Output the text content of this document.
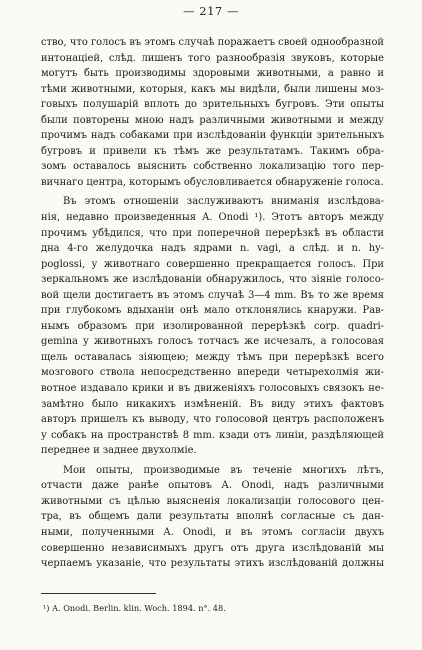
— 217 —
ство, что голосъ въ этомъ случаѣ поражаетъ своей однообразной
интонацiей, слѣд. лишенъ того разнообразiя звуковъ, которые
могутъ быть производимы здоровыми животными, а равно и
тѣми животными, которыя, какъ мы видѣли, были лишены моз-
говыхъ полушарiй вплоть до зрительныхъ бугровъ. Эти опыты
были повторены мною надъ различными животными и между
прочимъ надъ собаками при изслѣдованiи функцiи зрительныхъ
бугровъ и привели къ тѣмъ же результатамъ. Такимъ обра-
зомъ оставалось выяснить собственно локализацiю того пер-
вичнаго центра, которымъ обусловливается обнаруженiе голоса.
Въ этомъ отношенiи заслуживаютъ вниманiя изслѣдова-
нiя, недавно произведенныя А. Onodi ¹). Этотъ авторъ между
прочимъ убѣдился, что при поперечной перерѣзкѣ въ области
дна 4-го желудочка надъ ядрами n. vagi, а слѣд. и n. hy-
poglossi, у животнаго совершенно прекращается голосъ. При
зеркальномъ же изслѣдованiи обнаружилось, что зiянiе голосо-
вой щели достигаетъ въ этомъ случаѣ 3—4 mm. Въ то же время
при глубокомъ вдыханiи онѣ мало отклонялись кнаружи. Рав-
нымъ образомъ при изолированной перерѣзкѣ corp. quadri-
gemina у животныхъ голосъ тотчасъ же исчезалъ, а голосовая
щель оставалась зiяющею; между тѣмъ при перерѣзкѣ всего
мозгового ствола непосредственно впереди четырехолмiя жи-
вотное издавало крики и въ движенiяхъ голосовыхъ связокъ не-
замѣтно было никакихъ измѣненiй. Въ виду этихъ фактовъ
авторъ пришелъ къ выводу, что голосовой центръ расположенъ
у собакъ на пространствѣ 8 mm. кзади отъ линiи, раздѣляющей
переднее и заднее двухолмiе.
Мои опыты, производимые въ теченiе многихъ лѣтъ,
отчасти даже ранѣе опытовъ А. Onodi, надъ различными
животными съ цѣлью выясненiя локализацiи голосового цен-
тра, въ общемъ дали результаты вполнѣ согласные съ дан-
ными, полученными А. Onodi, и въ этомъ согласiи двухъ
совершенно независимыхъ другъ отъ друга изслѣдованiй мы
черпаемъ указанiе, что результаты этихъ изслѣдованiй должны
¹) A. Onodi. Berlin. klin. Woch. 1894. n°. 48.
